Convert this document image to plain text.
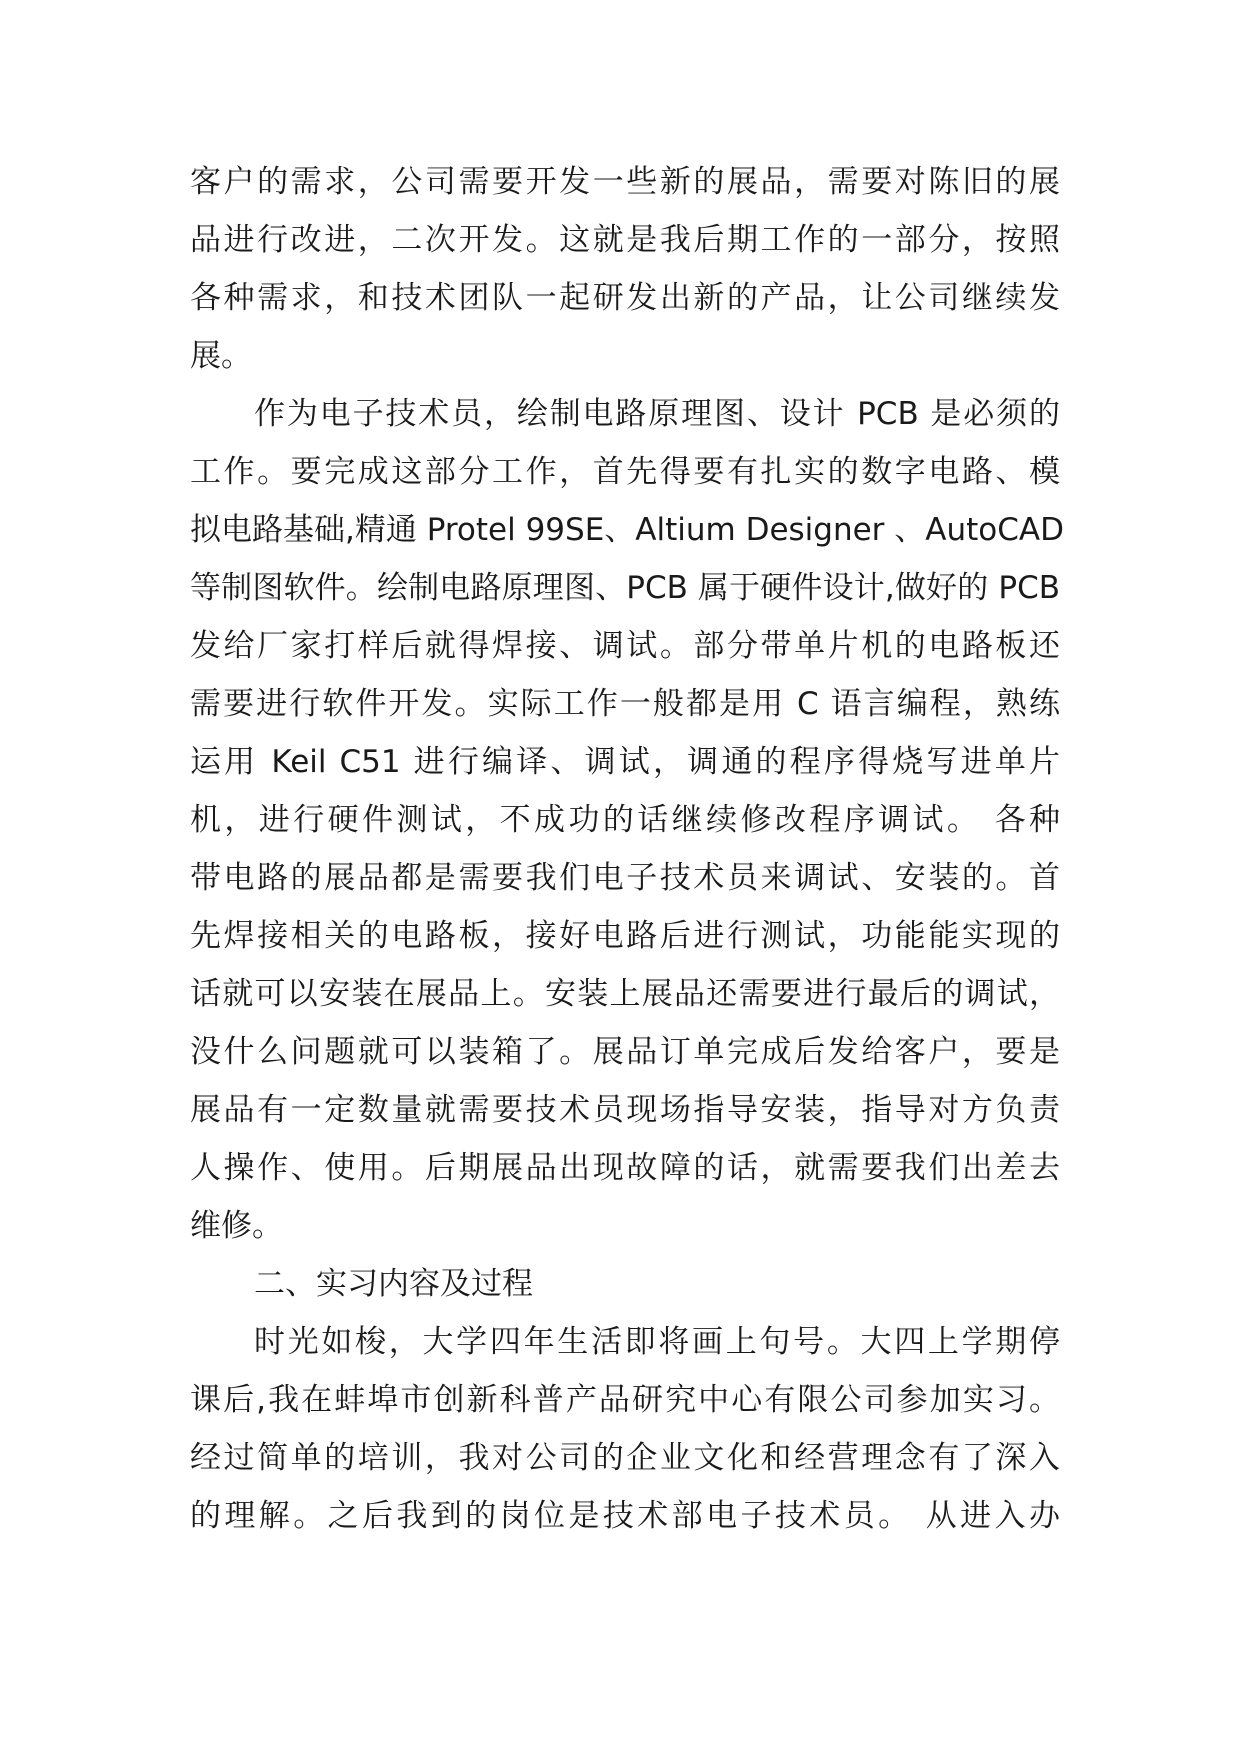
客户的需求，公司需要开发一些新的展品，需要对陈旧的展
品进行改进，二次开发。这就是我后期工作的一部分，按照
各种需求，和技术团队一起研发出新的产品，让公司继续发
展。
作为电子技术员，绘制电路原理图、设计 PCB 是必须的
工作。要完成这部分工作，首先得要有扎实的数字电路、模
拟电路基础,精通 Protel 99SE、Altium Designer 、AutoCAD
等制图软件。绘制电路原理图、PCB 属于硬件设计,做好的 PCB
发给厂家打样后就得焊接、调试。部分带单片机的电路板还
需要进行软件开发。实际工作一般都是用 C 语言编程，熟练
运用 Keil C51 进行编译、调试，调通的程序得烧写进单片
机，进行硬件测试，不成功的话继续修改程序调试。 各种
带电路的展品都是需要我们电子技术员来调试、安装的。首
先焊接相关的电路板，接好电路后进行测试，功能能实现的
话就可以安装在展品上。安装上展品还需要进行最后的调试，
没什么问题就可以装箱了。展品订单完成后发给客户，要是
展品有一定数量就需要技术员现场指导安装，指导对方负责
人操作、使用。后期展品出现故障的话，就需要我们出差去
维修。
二、实习内容及过程
时光如梭，大学四年生活即将画上句号。大四上学期停
课后,我在蚌埠市创新科普产品研究中心有限公司参加实习。
经过简单的培训，我对公司的企业文化和经营理念有了深入
的理解。之后我到的岗位是技术部电子技术员。 从进入办
